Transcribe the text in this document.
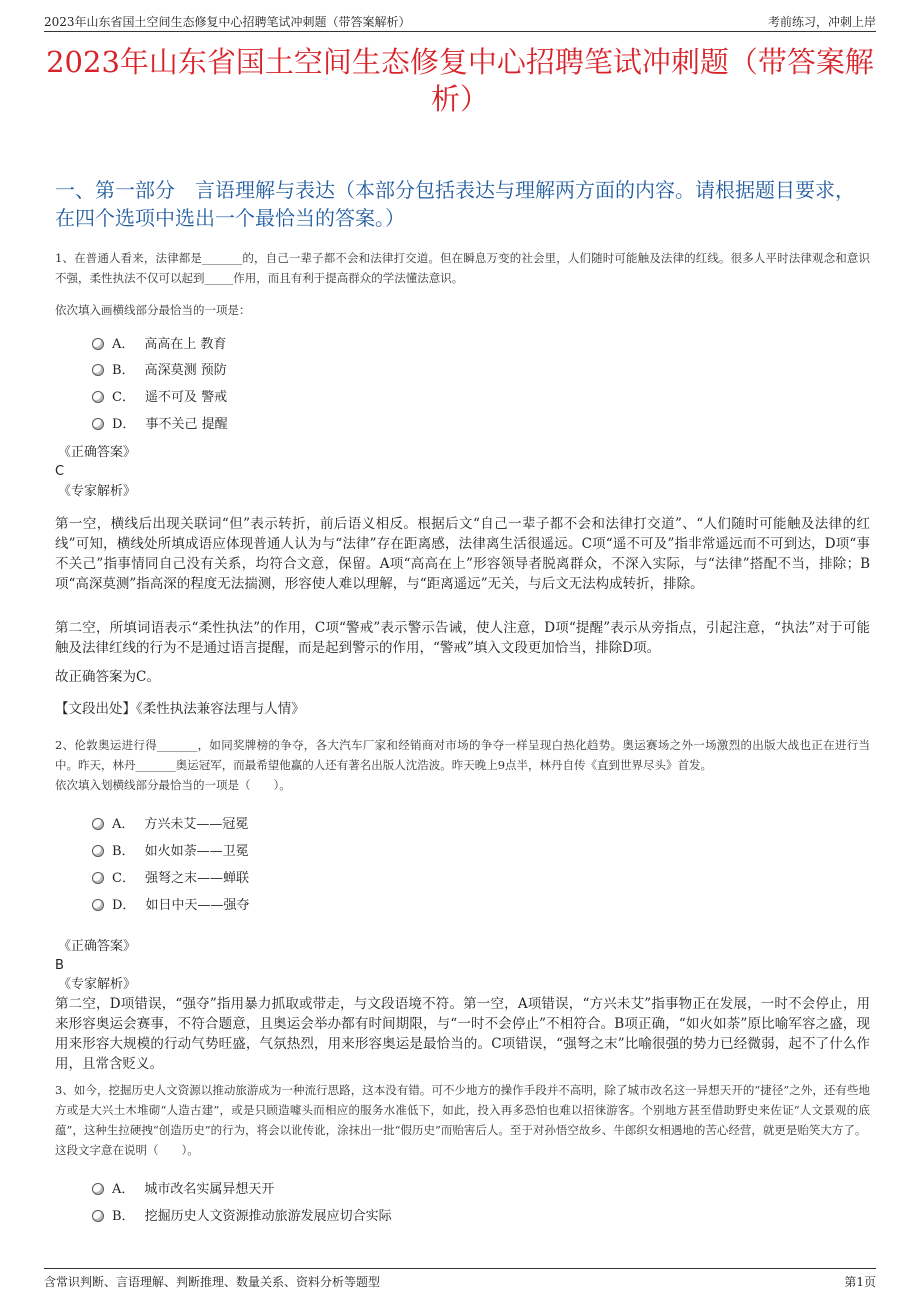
2023年山东省国土空间生态修复中心招聘笔试冲刺题（带答案解析）	考前练习，冲刺上岸
2023年山东省国土空间生态修复中心招聘笔试冲刺题（带答案解析）
一、第一部分　言语理解与表达（本部分包括表达与理解两方面的内容。请根据题目要求，在四个选项中选出一个最恰当的答案。）
1、在普通人看来，法律都是_______的，自己一辈子都不会和法律打交道。但在瞬息万变的社会里，人们随时可能触及法律的红线。很多人平时法律观念和意识不强，柔性执法不仅可以起到_____作用，而且有利于提高群众的学法懂法意识。
依次填入画横线部分最恰当的一项是：
A． 高高在上 教育
B． 高深莫测 预防
C． 遥不可及 警戒
D． 事不关己 提醒
《正确答案》
C
《专家解析》
第一空，横线后出现关联词“但”表示转折，前后语义相反。根据后文“自己一辈子都不会和法律打交道”、“人们随时可能触及法律的红线”可知，横线处所填成语应体现普通人认为与“法律”存在距离感，法律离生活很遥远。C项“遥不可及”指非常遥远而不可到达，D项“事不关己”指事情同自己没有关系，均符合文意，保留。A项“高高在上”形容领导者脱离群众，不深入实际，与“法律”搭配不当，排除；B项“高深莫测”指高深的程度无法揣测，形容使人难以理解，与“距离遥远”无关，与后文无法构成转折，排除。
第二空，所填词语表示“柔性执法”的作用，C项“警戒”表示警示告诫，使人注意，D项“提醒”表示从旁指点，引起注意，“执法”对于可能触及法律红线的行为不是通过语言提醒，而是起到警示的作用，“警戒”填入文段更加恰当，排除D项。
故正确答案为C。
【文段出处】《柔性执法兼容法理与人情》
2、伦敦奥运进行得_______，如同奖牌榜的争夺，各大汽车厂家和经销商对市场的争夺一样呈现白热化趋势。奥运赛场之外一场激烈的出版大战也正在进行当中。昨天，林丹_______奥运冠军，而最希望他赢的人还有著名出版人沈浩波。昨天晚上9点半，林丹自传《直到世界尽头》首发。
依次填入划横线部分最恰当的一项是（　　）。
A． 方兴未艾——冠冕
B． 如火如荼——卫冕
C． 强弩之末——蝉联
D． 如日中天——强夺
《正确答案》
B
《专家解析》
第二空，D项错误，“强夺”指用暴力抓取或带走，与文段语境不符。第一空，A项错误，“方兴未艾”指事物正在发展，一时不会停止，用来形容奥运会赛事，不符合题意，且奥运会举办都有时间期限，与“一时不会停止”不相符合。B项正确，“如火如荼”原比喻军容之盛，现用来形容大规模的行动气势旺盛，气氛热烈，用来形容奥运是最恰当的。C项错误，“强弩之末”比喻很强的势力已经微弱，起不了什么作用，且常含贬义。
3、如今，挖掘历史人文资源以推动旅游成为一种流行思路，这本没有错。可不少地方的操作手段并不高明，除了城市改名这一异想天开的“捷径”之外，还有些地方或是大兴土木堆砌“人造古建”，或是只顾造噱头而相应的服务水准低下，如此，投入再多恐怕也难以招徕游客。个别地方甚至借助野史来佐证“人文景观的底蕴”，这种生拉硬拽“创造历史”的行为，将会以讹传讹，涂抹出一批“假历史”而贻害后人。至于对孙悟空故乡、牛郎织女相遇地的苦心经营，就更是贻笑大方了。
这段文字意在说明（　　）。
A． 城市改名实属异想天开
B． 挖掘历史人文资源推动旅游发展应切合实际
含常识判断、言语理解、判断推理、数量关系、资料分析等题型	第1页
